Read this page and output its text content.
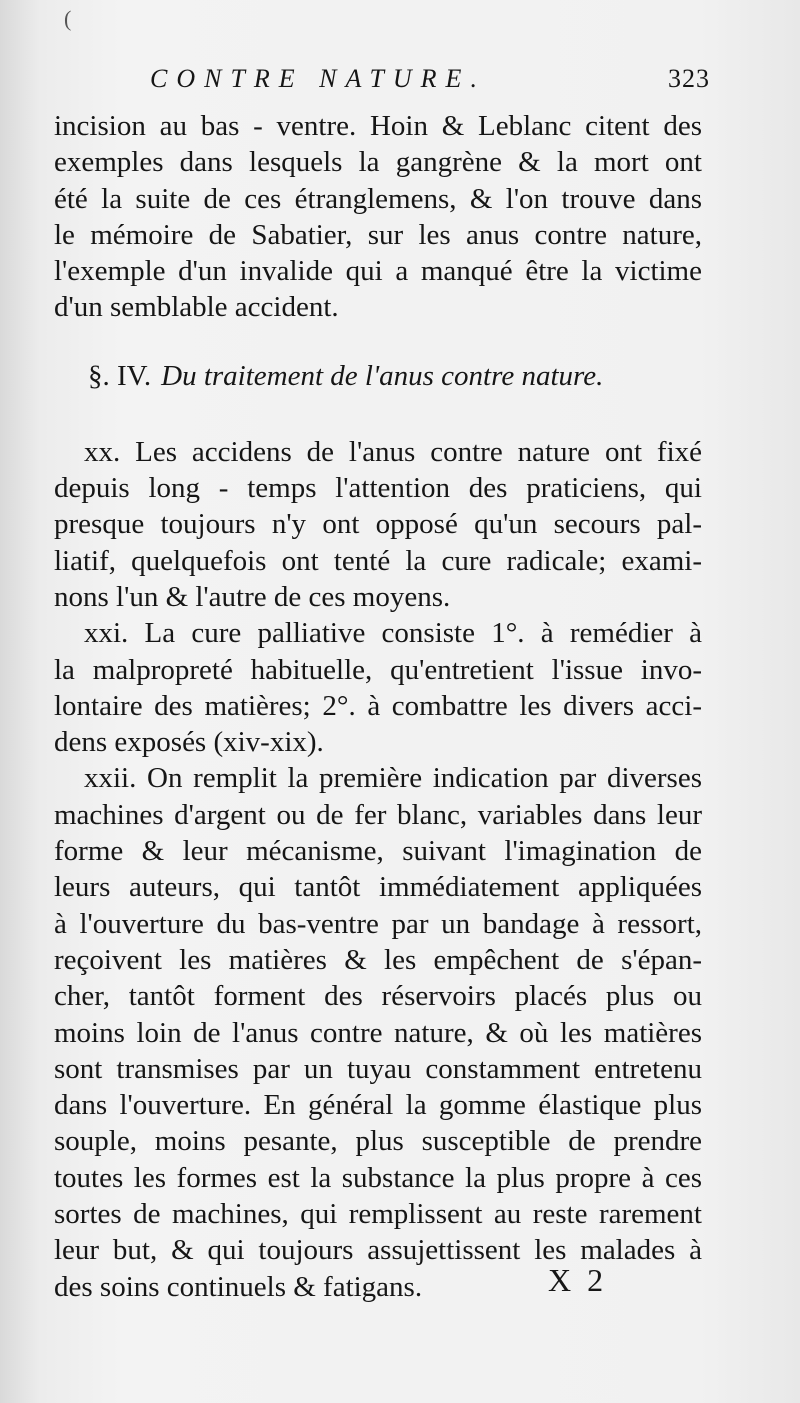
(
CONTRE NATURE.	323
incision au bas - ventre. Hoin & Leblanc citent des
exemples dans lesquels la gangrène & la mort ont
été la suite de ces étranglemens, & l'on trouve dans
le mémoire de Sabatier, sur les anus contre nature,
l'exemple d'un invalide qui a manqué être la victime
d'un semblable accident.
§. IV. Du traitement de l'anus contre nature.
xx. Les accidens de l'anus contre nature ont fixé
depuis long - temps l'attention des praticiens, qui
presque toujours n'y ont opposé qu'un secours pal-
liatif, quelquefois ont tenté la cure radicale; exami-
nons l'un & l'autre de ces moyens.
xxi. La cure palliative consiste 1°. à remédier à
la malpropreté habituelle, qu'entretient l'issue invo-
lontaire des matières; 2°. à combattre les divers acci-
dens exposés (xiv-xix).
xxii. On remplit la première indication par diverses
machines d'argent ou de fer blanc, variables dans leur
forme & leur mécanisme, suivant l'imagination de
leurs auteurs, qui tantôt immédiatement appliquées
à l'ouverture du bas-ventre par un bandage à ressort,
reçoivent les matières & les empêchent de s'épan-
cher, tantôt forment des réservoirs placés plus ou
moins loin de l'anus contre nature, & où les matières
sont transmises par un tuyau constamment entretenu
dans l'ouverture. En général la gomme élastique plus
souple, moins pesante, plus susceptible de prendre
toutes les formes est la substance la plus propre à ces
sortes de machines, qui remplissent au reste rarement
leur but, & qui toujours assujettissent les malades à
des soins continuels & fatigans.	X 2
